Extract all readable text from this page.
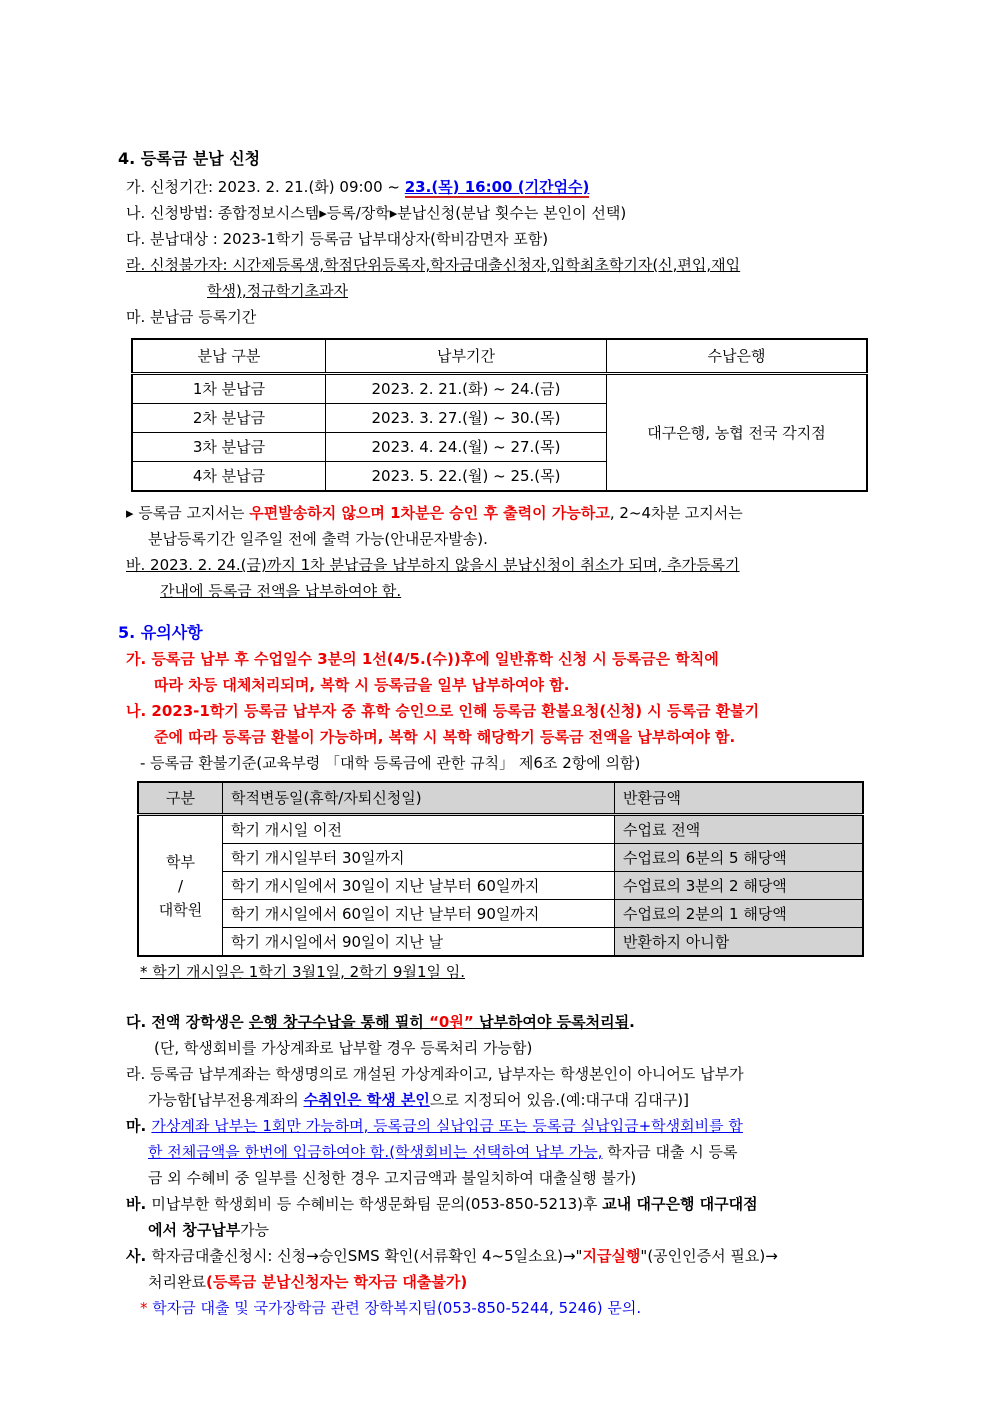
4. 등록금 분납 신청
가. 신청기간: 2023. 2. 21.(화) 09:00 ~ 23.(목) 16:00 (기간엄수)
나. 신청방법: 종합정보시스템▸등록/장학▸분납신청(분납 횟수는 본인이 선택)
다. 분납대상 : 2023-1학기 등록금 납부대상자(학비감면자 포함)
라. 신청불가자: 시간제등록생,학점단위등록자,학자금대출신청자,입학최초학기자(신,편입,재입
학생),정규학기초과자
마. 분납금 등록기간
분납 구분	납부기간	수납은행
1차 분납금	2023. 2. 21.(화) ~ 24.(금)	대구은행, 농협 전국 각지점
2차 분납금	2023. 3. 27.(월) ~ 30.(목)	
3차 분납금	2023. 4. 24.(월) ~ 27.(목)	
4차 분납금	2023. 5. 22.(월) ~ 25.(목)	
▸ 등록금 고지서는 우편발송하지 않으며 1차분은 승인 후 출력이 가능하고, 2~4차분 고지서는
분납등록기간 일주일 전에 출력 가능(안내문자발송).
바. 2023. 2. 24.(금)까지 1차 분납금을 납부하지 않을시 분납신청이 취소가 되며, 추가등록기
간내에 등록금 전액을 납부하여야 함.
5. 유의사항
가. 등록금 납부 후 수업일수 3분의 1선(4/5.(수))후에 일반휴학 신청 시 등록금은 학칙에
따라 차등 대체처리되며, 복학 시 등록금을 일부 납부하여야 함.
나. 2023-1학기 등록금 납부자 중 휴학 승인으로 인해 등록금 환불요청(신청) 시 등록금 환불기
준에 따라 등록금 환불이 가능하며, 복학 시 복학 해당학기 등록금 전액을 납부하여야 함.
- 등록금 환불기준(교육부령 「대학 등록금에 관한 규칙」 제6조 2항에 의함)
구분	학적변동일(휴학/자퇴신청일)	반환금액

학부
/
대학원	학기 개시일 이전	수업료 전액
	학기 개시일부터 30일까지	수업료의 6분의 5 해당액
	학기 개시일에서 30일이 지난 날부터 60일까지	수업료의 3분의 2 해당액
	학기 개시일에서 60일이 지난 날부터 90일까지	수업료의 2분의 1 해당액
	학기 개시일에서 90일이 지난 날	반환하지 아니함
* 학기 개시일은 1학기 3월1일, 2학기 9월1일 임.
다. 전액 장학생은 은행 창구수납을 통해 필히 “0원” 납부하여야 등록처리됨.
(단, 학생회비를 가상계좌로 납부할 경우 등록처리 가능함)
라. 등록금 납부계좌는 학생명의로 개설된 가상계좌이고, 납부자는 학생본인이 아니어도 납부가
가능함[납부전용계좌의 수취인은 학생 본인으로 지정되어 있음.(예:대구대 김대구)]
마. 가상계좌 납부는 1회만 가능하며, 등록금의 실납입금 또는 등록금 실납입금+학생회비를 합
한 전체금액을 한번에 입금하여야 함.(학생회비는 선택하여 납부 가능, 학자금 대출 시 등록
금 외 수혜비 중 일부를 신청한 경우 고지금액과 불일치하여 대출실행 불가)
바. 미납부한 학생회비 등 수혜비는 학생문화팀 문의(053-850-5213)후 교내 대구은행 대구대점
에서 창구납부가능
사. 학자금대출신청시: 신청→승인SMS 확인(서류확인 4~5일소요)→"지급실행"(공인인증서 필요)→
처리완료(등록금 분납신청자는 학자금 대출불가)
* 학자금 대출 및 국가장학금 관련 장학복지팀(053-850-5244, 5246) 문의.
